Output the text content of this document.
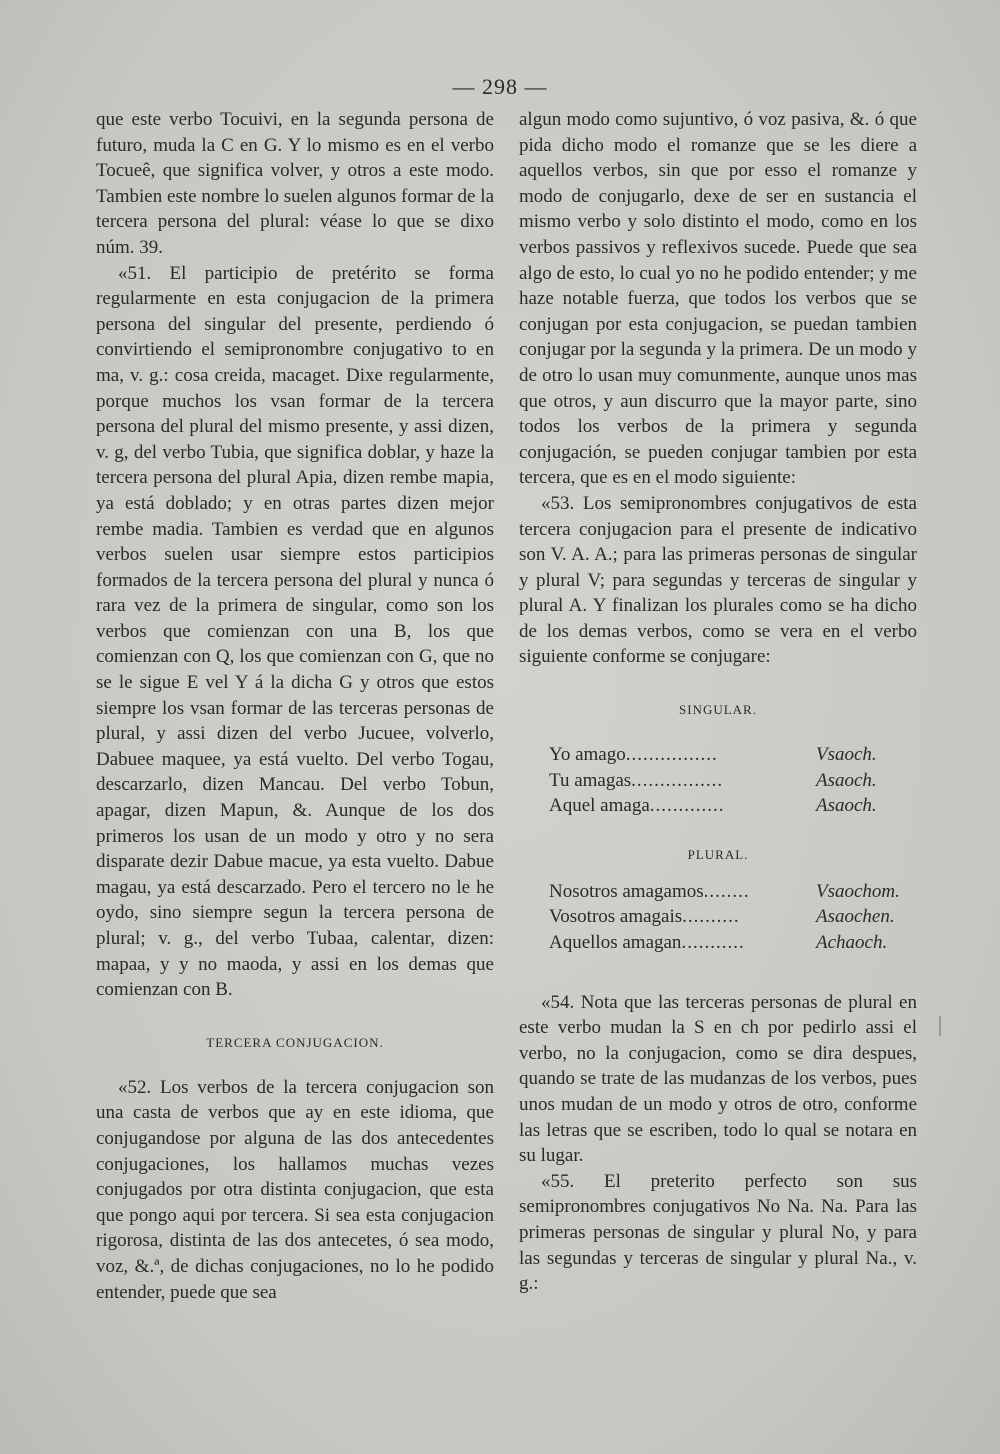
— 298 —

que este verbo Tocuivi, en la segunda persona de futuro, muda la C en G. Y lo mismo es en el verbo Tocueê, que significa volver, y otros a este modo. Tambien este nombre lo suelen algunos formar de la tercera persona del plural: véase lo que se dixo núm. 39.

«51. El participio de pretérito se forma regularmente en esta conjugacion de la primera persona del singular del presente, perdiendo ó convirtiendo el semipronombre conjugativo to en ma, v. g.: cosa creida, macaget. Dixe regularmente, porque muchos los vsan formar de la tercera persona del plural del mismo presente, y assi dizen, v. g, del verbo Tubia, que significa doblar, y haze la tercera persona del plural Apia, dizen rembe mapia, ya está doblado; y en otras partes dizen mejor rembe madia. Tambien es verdad que en algunos verbos suelen usar siempre estos participios formados de la tercera persona del plural y nunca ó rara vez de la primera de singular, como son los verbos que comienzan con una B, los que comienzan con Q, los que comienzan con G, que no se le sigue E vel Y á la dicha G y otros que estos siempre los vsan formar de las terceras personas de plural, y assi dizen del verbo Jucuee, volverlo, Dabuee maquee, ya está vuelto. Del verbo Togau, descarzarlo, dizen Mancau. Del verbo Tobun, apagar, dizen Mapun, &. Aunque de los dos primeros los usan de un modo y otro y no sera disparate dezir Dabue macue, ya esta vuelto. Dabue magau, ya está descarzado. Pero el tercero no le he oydo, sino siempre segun la tercera persona de plural; v. g., del verbo Tubaa, calentar, dizen: mapaa, y y no maoda, y assi en los demas que comienzan con B.

TERCERA CONJUGACION.

«52. Los verbos de la tercera conjugacion son una casta de verbos que ay en este idioma, que conjugandose por alguna de las dos antecedentes conjugaciones, los hallamos muchas vezes conjugados por otra distinta conjugacion, que esta que pongo aqui por tercera. Si sea esta conjugacion rigorosa, distinta de las dos antecetes, ó sea modo, voz, &.ª, de dichas conjugaciones, no lo he podido entender, puede que sea

algun modo como sujuntivo, ó voz pasiva, &. ó que pida dicho modo el romanze que se les diere a aquellos verbos, sin que por esso el romanze y modo de conjugarlo, dexe de ser en sustancia el mismo verbo y solo distinto el modo, como en los verbos passivos y reflexivos sucede. Puede que sea algo de esto, lo cual yo no he podido entender; y me haze notable fuerza, que todos los verbos que se conjugan por esta conjugacion, se puedan tambien conjugar por la segunda y la primera. De un modo y de otro lo usan muy comunmente, aunque unos mas que otros, y aun discurro que la mayor parte, sino todos los verbos de la primera y segunda conjugación, se pueden conjugar tambien por esta tercera, que es en el modo siguiente:

«53. Los semipronombres conjugativos de esta tercera conjugacion para el presente de indicativo son V. A. A.; para las primeras personas de singular y plural V; para segundas y terceras de singular y plural A. Y finalizan los plurales como se ha dicho de los demas verbos, como se vera en el verbo siguiente conforme se conjugare:

SINGULAR.
Yo amago................	Vsaoch.
Tu amagas................	Asaoch.
Aquel amaga.............	Asaoch.
PLURAL.
Nosotros amagamos........	Vsaochom.
Vosotros amagais..........	Asaochen.
Aquellos amagan...........	Achaoch.

«54. Nota que las terceras personas de plural en este verbo mudan la S en ch por pedirlo assi el verbo, no la conjugacion, como se dira despues, quando se trate de las mudanzas de los verbos, pues unos mudan de un modo y otros de otro, conforme las letras que se escriben, todo lo qual se notara en su lugar.

«55. El preterito perfecto son sus semipronombres conjugativos No Na. Na. Para las primeras personas de singular y plural No, y para las segundas y terceras de singular y plural Na., v. g.:
